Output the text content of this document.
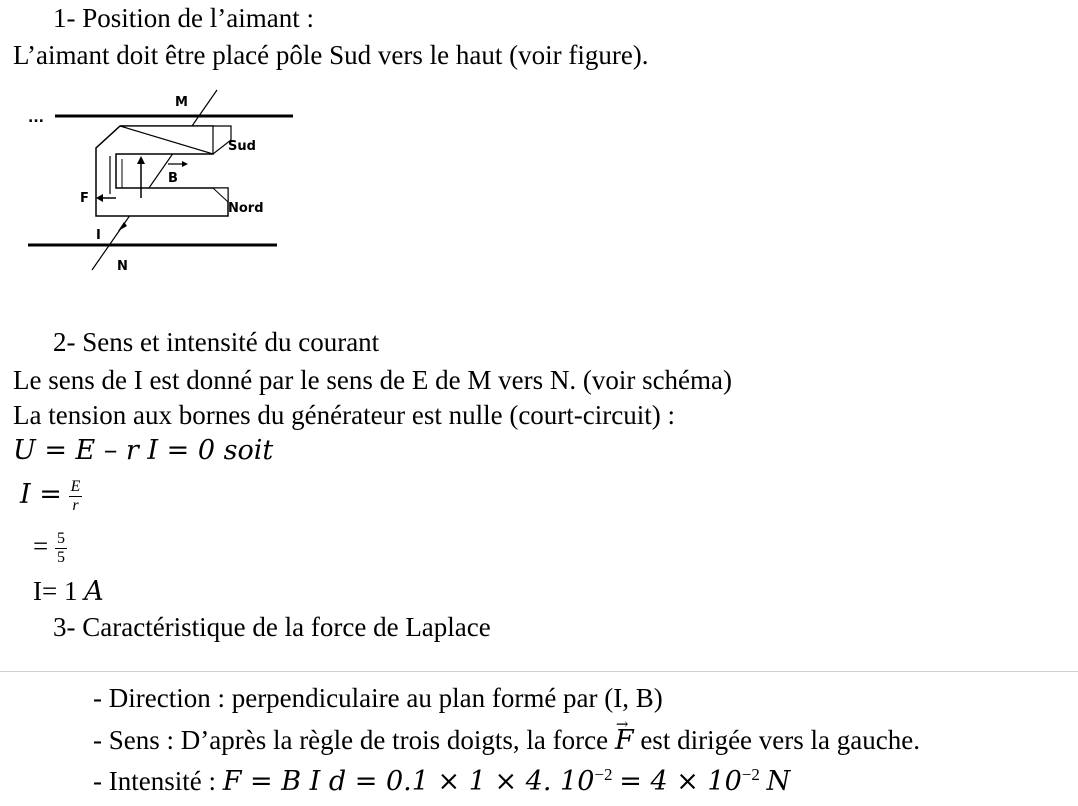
1- Position de l’aimant :
L’aimant doit être placé pôle Sud vers le haut (voir figure).
...
M
N
Sud
Nord
B
F
I
2- Sens et intensité du courant
Le sens de I est donné par le sens de E de M vers N. (voir schéma)
La tension aux bornes du générateur est nulle (court-circuit) :
U = E – r I = 0 soit
$I = \frac{E}{r}$
= $\frac{5}{5}$
I= 1 A
3- Caractéristique de la force de Laplace
- Direction : perpendiculaire au plan formé par (I, B)
- Sens : D’après la règle de trois doigts, la force → F est dirigée vers la gauche.
- Intensité : F = B I d = 0.1 × 1 × 4. $10^{-2} = 4 \times 10^{-2}$ N
